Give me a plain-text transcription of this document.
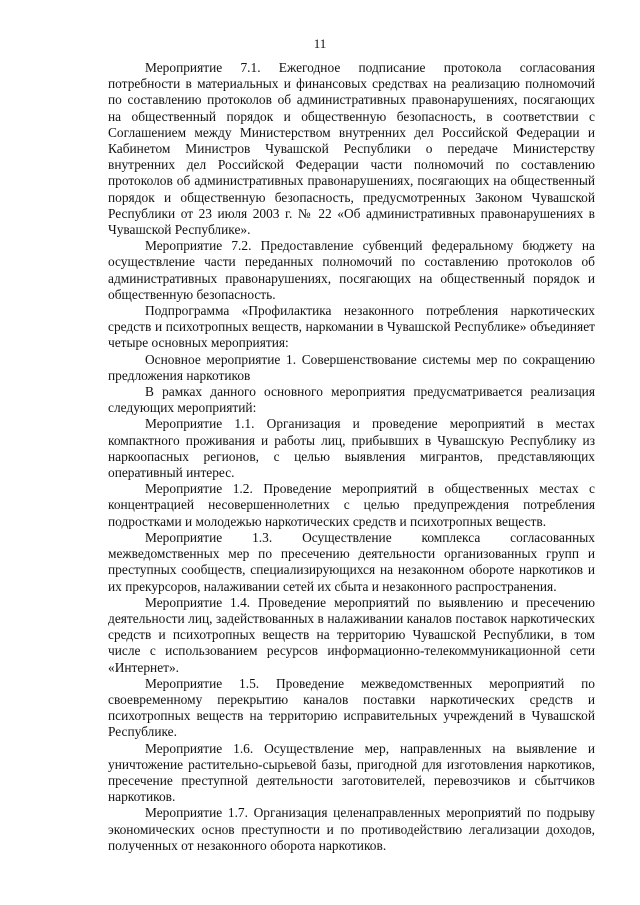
11

Мероприятие 7.1. Ежегодное подписание протокола согласования потребности в материальных и финансовых средствах на реализацию полномочий по составлению протоколов об административных правонарушениях, посягающих на общественный порядок и общественную безопасность, в соответствии с Соглашением между Министерством внутренних дел Российской Федерации и Кабинетом Министров Чувашской Республики о передаче Министерству внутренних дел Российской Федерации части полномочий по составлению протоколов об административных правонарушениях, посягающих на общественный порядок и общественную безопасность, предусмотренных Законом Чувашской Республики от 23 июля 2003 г. № 22 «Об административных правонарушениях в Чувашской Республике».

Мероприятие 7.2. Предоставление субвенций федеральному бюджету на осуществление части переданных полномочий по составлению протоколов об административных правонарушениях, посягающих на общественный порядок и общественную безопасность.

Подпрограмма «Профилактика незаконного потребления наркотических средств и психотропных веществ, наркомании в Чувашской Республике» объединяет четыре основных мероприятия:

Основное мероприятие 1. Совершенствование системы мер по сокращению предложения наркотиков

В рамках данного основного мероприятия предусматривается реализация следующих мероприятий:

Мероприятие 1.1. Организация и проведение мероприятий в местах компактного проживания и работы лиц, прибывших в Чувашскую Республику из наркоопасных регионов, с целью выявления мигрантов, представляющих оперативный интерес.

Мероприятие 1.2. Проведение мероприятий в общественных местах с концентрацией несовершеннолетних с целью предупреждения потребления подростками и молодежью наркотических средств и психотропных веществ.

Мероприятие 1.3. Осуществление комплекса согласованных межведомственных мер по пресечению деятельности организованных групп и преступных сообществ, специализирующихся на незаконном обороте наркотиков и их прекурсоров, налаживании сетей их сбыта и незаконного распространения.

Мероприятие 1.4. Проведение мероприятий по выявлению и пресечению деятельности лиц, задействованных в налаживании каналов поставок наркотических средств и психотропных веществ на территорию Чувашской Республики, в том числе с использованием ресурсов информационно-телекоммуникационной сети «Интернет».

Мероприятие 1.5. Проведение межведомственных мероприятий по своевременному перекрытию каналов поставки наркотических средств и психотропных веществ на территорию исправительных учреждений в Чувашской Республике.

Мероприятие 1.6. Осуществление мер, направленных на выявление и уничтожение растительно-сырьевой базы, пригодной для изготовления наркотиков, пресечение преступной деятельности заготовителей, перевозчиков и сбытчиков наркотиков.

Мероприятие 1.7. Организация целенаправленных мероприятий по подрыву экономических основ преступности и по противодействию легализации доходов, полученных от незаконного оборота наркотиков.
